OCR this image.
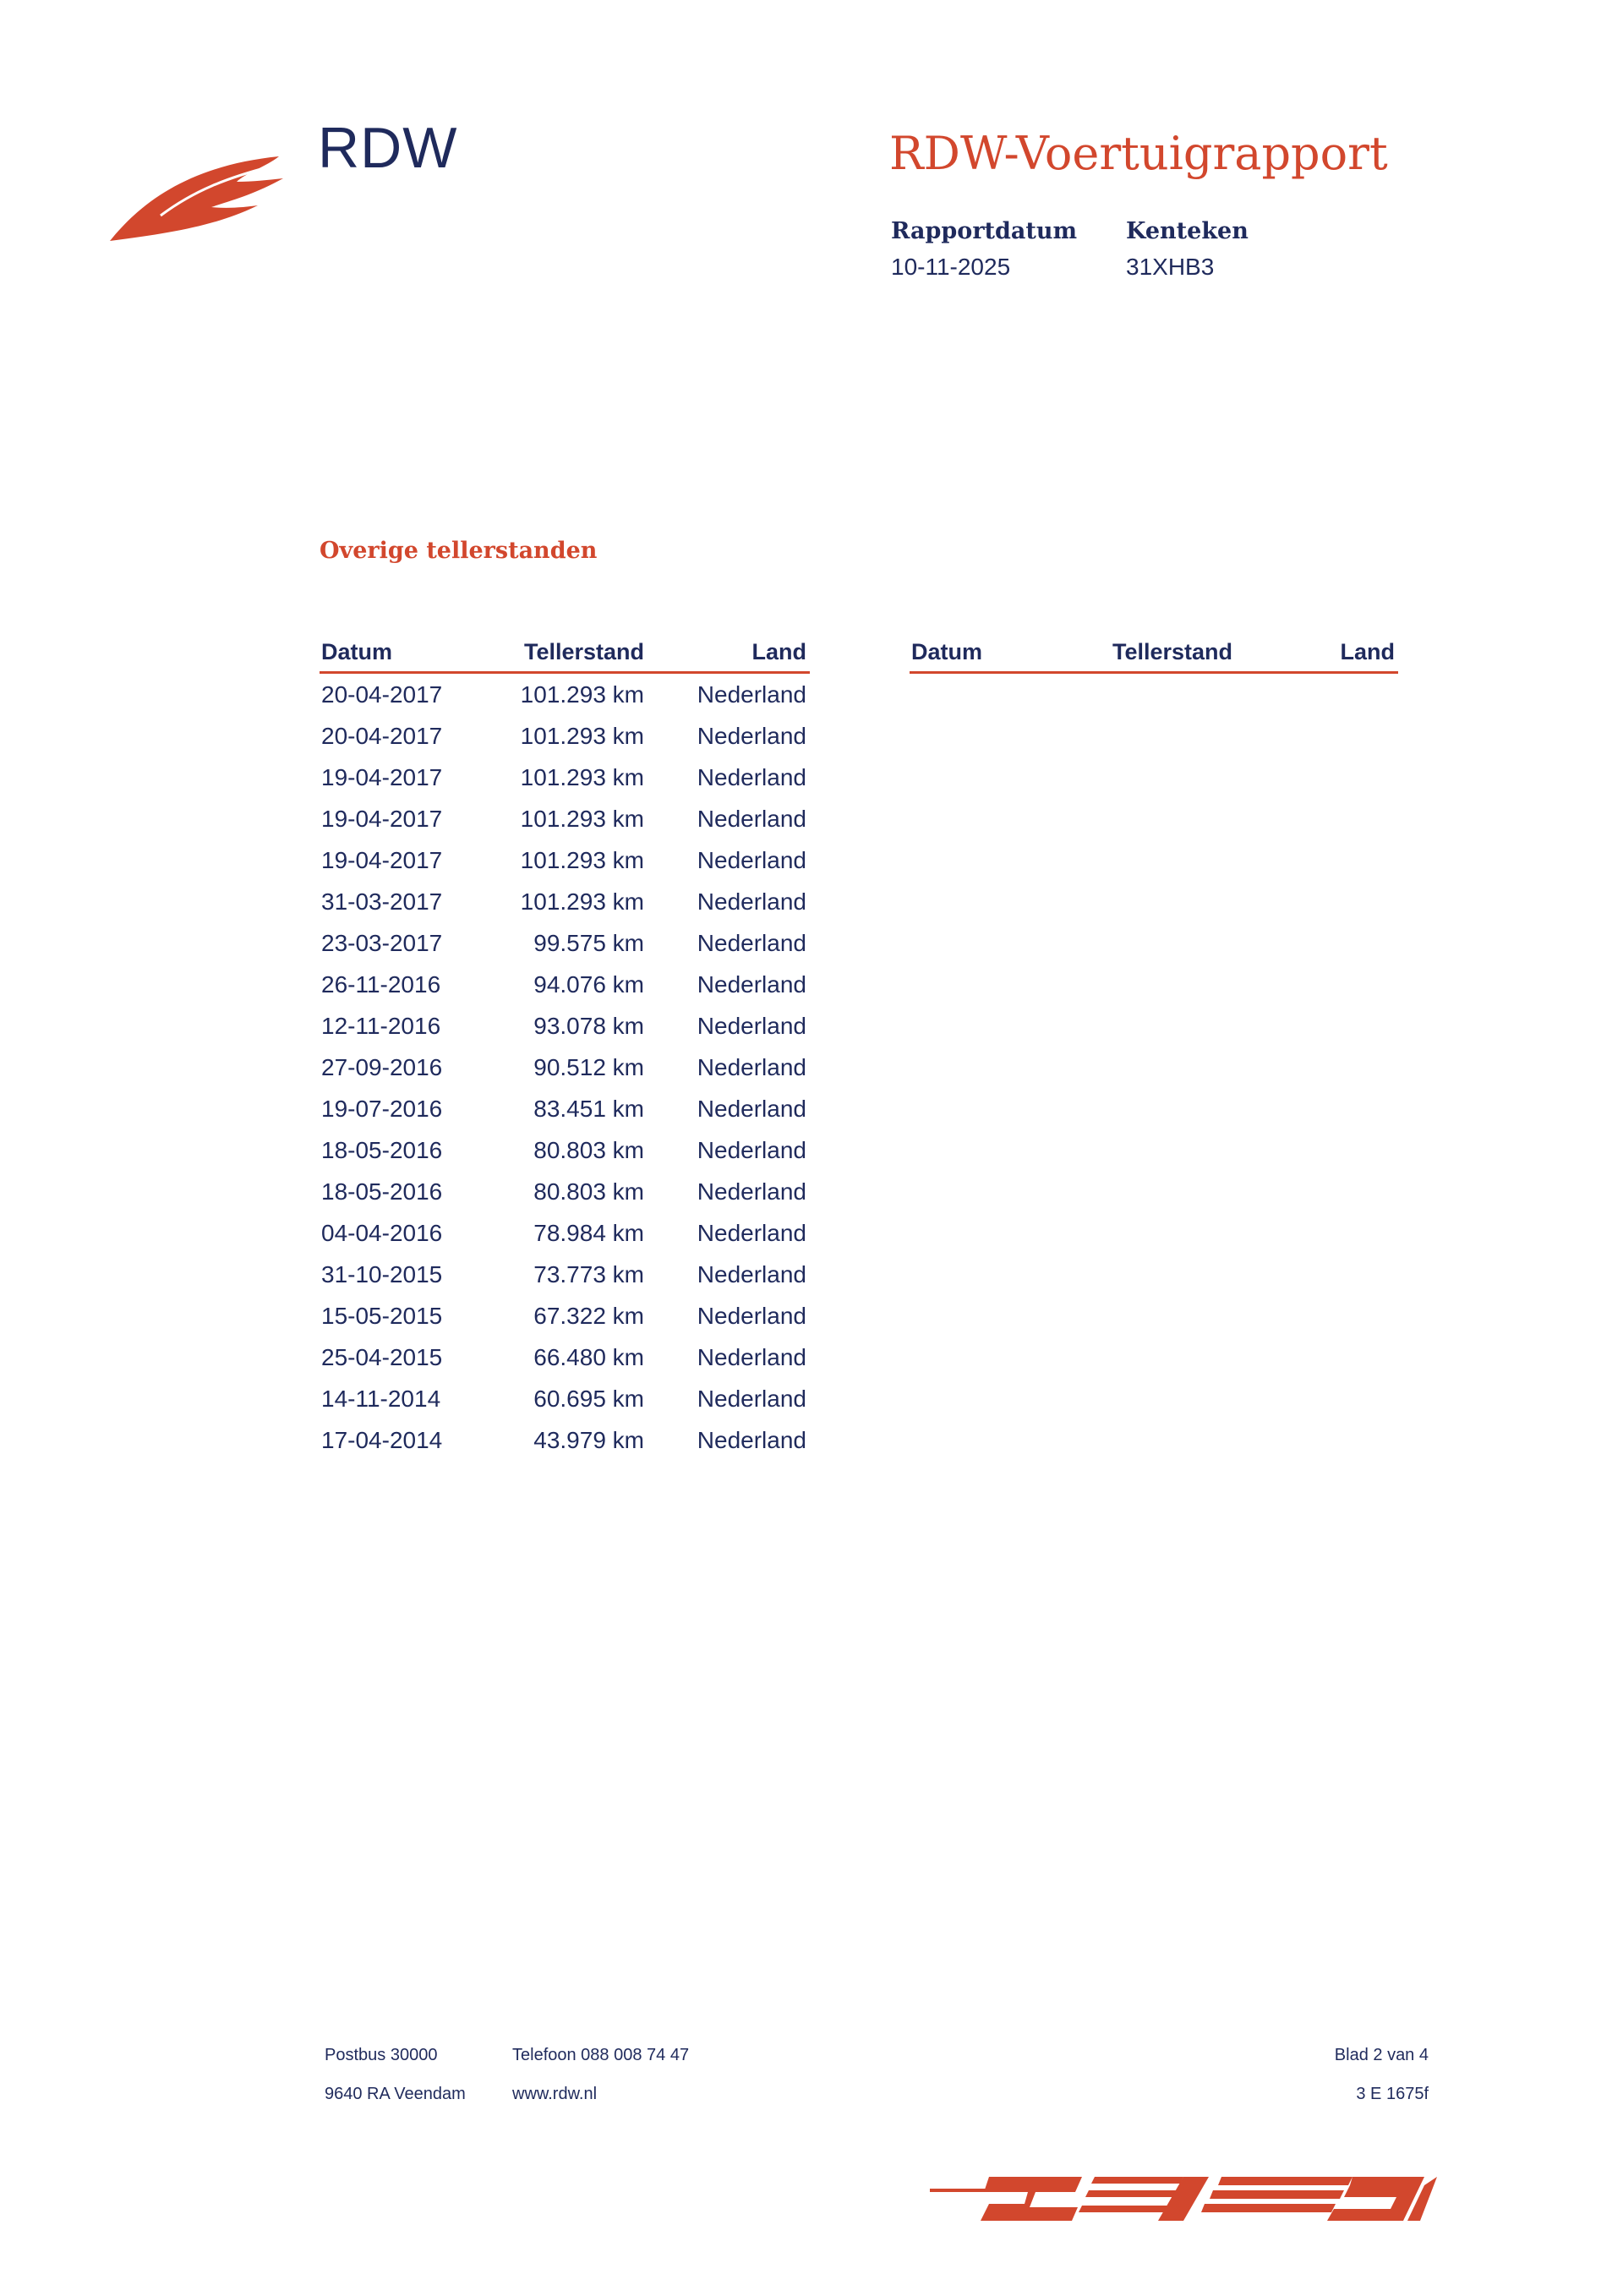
RDW	RDW-Voertuigrapport
Rapportdatum
10-11-2025
Kenteken
31XHB3
Overige tellerstanden
Datum	Tellerstand	Land	Datum	Tellerstand	Land
20-04-2017	101.293 km Nederland
20-04-2017	101.293 km Nederland
19-04-2017	101.293 km Nederland
19-04-2017	101.293 km Nederland
19-04-2017	101.293 km Nederland
31-03-2017	101.293 km Nederland
23-03-2017	99.575 km Nederland
26-11-2016	94.076 km Nederland
12-11-2016	93.078 km Nederland
27-09-2016	90.512 km Nederland
19-07-2016	83.451 km Nederland
18-05-2016	80.803 km Nederland
18-05-2016	80.803 km Nederland
04-04-2016	78.984 km Nederland
31-10-2015	73.773 km Nederland
15-05-2015	67.322 km Nederland
25-04-2015	66.480 km Nederland
14-11-2014	60.695 km Nederland
17-04-2014	43.979 km Nederland
Postbus 30000
9640 RA Veendam
Telefoon 088 008 74 47
www.rdw.nl
Blad 2 van 4
3 E 1675f
